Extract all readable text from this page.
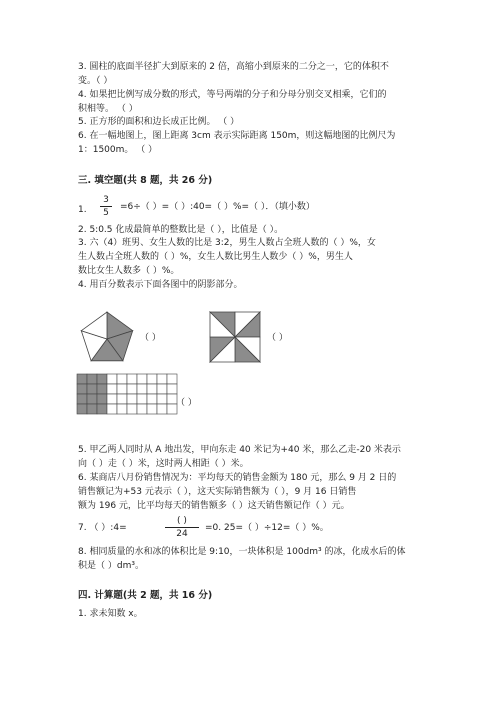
3. 圆柱的底面半径扩大到原来的 2 倍，高缩小到原来的二分之一，它的体积不
变。（ ）
4. 如果把比例写成分数的形式，等号两端的分子和分母分别交叉相乘，它们的
积相等。 （ ）
5. 正方形的面积和边长成正比例。 （ ）
6. 在一幅地图上，图上距离 3cm 表示实际距离 150m，则这幅地图的比例尺为
1：1500m。 （ ）
三. 填空题(共 8 题，共 26 分)
1.
3
5
=6÷（ ）=（ ）:40=（ ）%=（ ）．（填小数）
2. 5:0.5 化成最简单的整数比是（ ），比值是（ ）。
3. 六（4）班男、女生人数的比是 3:2，男生人数占全班人数的（ ）%，女
生人数占全班人数的（ ）%，女生人数比男生人数少（ ）%，男生人
数比女生人数多（ ）%。
4. 用百分数表示下面各图中的阴影部分。
（ ）	（ ）
（ ）
5. 甲乙两人同时从 A 地出发，甲向东走 40 米记为+40 米，那么乙走-20 米表示
向（ ）走（ ）米，这时两人相距（ ）米。
6. 某商店八月份销售情况为：平均每天的销售金额为 180 元，那么 9 月 2 日的
销售额记为+53 元表示（ ），这天实际销售额为（ ），9 月 16 日销售
额为 196 元，比平均每天的销售额多（ ）这天销售额记作（ ）元。
7. （ ）:4=
( )
24
=0. 25=（ ）÷12=（ ）%。
8. 相同质量的水和冰的体积比是 9:10，一块体积是 100dm³ 的冰，化成水后的体
积是（ ）dm³。
四. 计算题(共 2 题，共 16 分)
1. 求未知数 x。
